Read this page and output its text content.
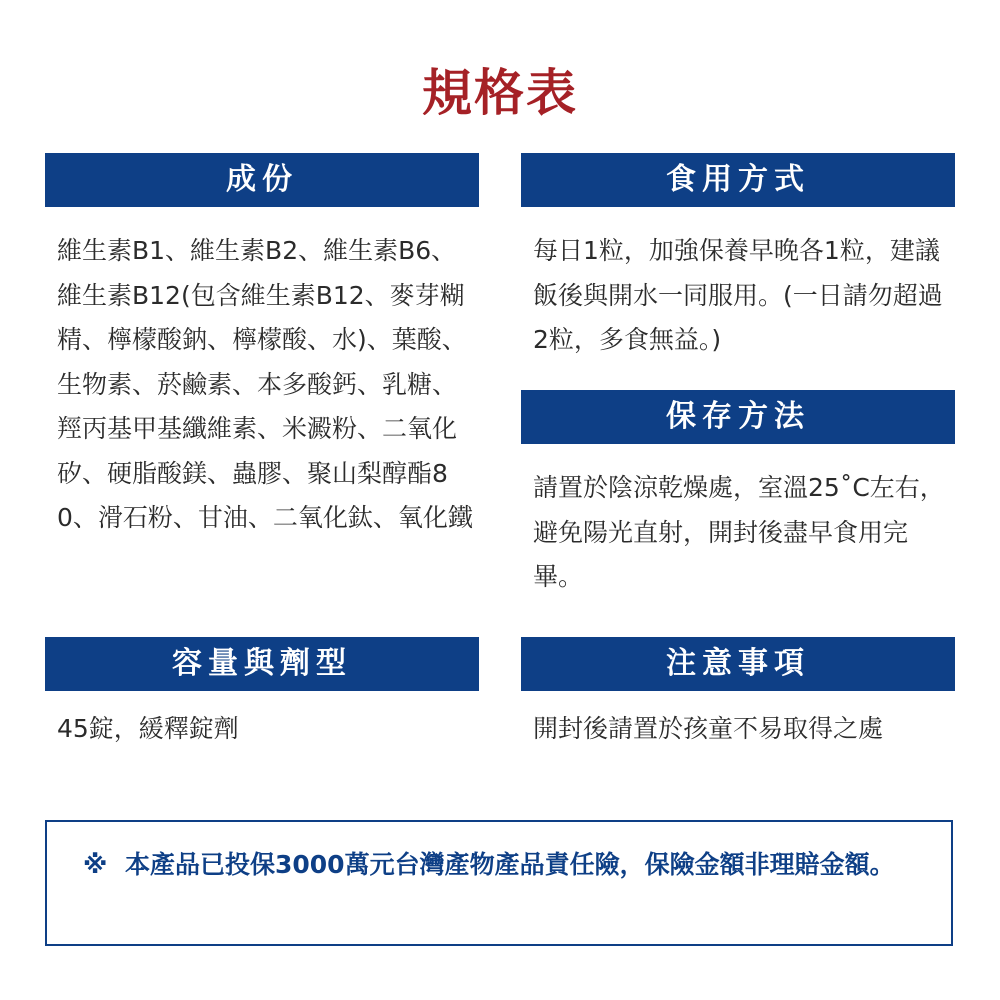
規格表
成份
維生素B1、維生素B2、維生素B6、維生素B12(包含維生素B12、麥芽糊精、檸檬酸鈉、檸檬酸、水)、葉酸、生物素、菸鹼素、本多酸鈣、乳糖、羥丙基甲基纖維素、米澱粉、二氧化矽、硬脂酸鎂、蟲膠、聚山梨醇酯80、滑石粉、甘油、二氧化鈦、氧化鐵
食用方式
每日1粒，加強保養早晚各1粒，建議飯後與開水一同服用。(一日請勿超過2粒，多食無益。)
保存方法
請置於陰涼乾燥處，室溫25˚C左右，避免陽光直射，開封後盡早食用完畢。
容量與劑型
45錠，緩釋錠劑
注意事項
開封後請置於孩童不易取得之處
※ 本產品已投保3000萬元台灣產物產品責任險，保險金額非理賠金額。
